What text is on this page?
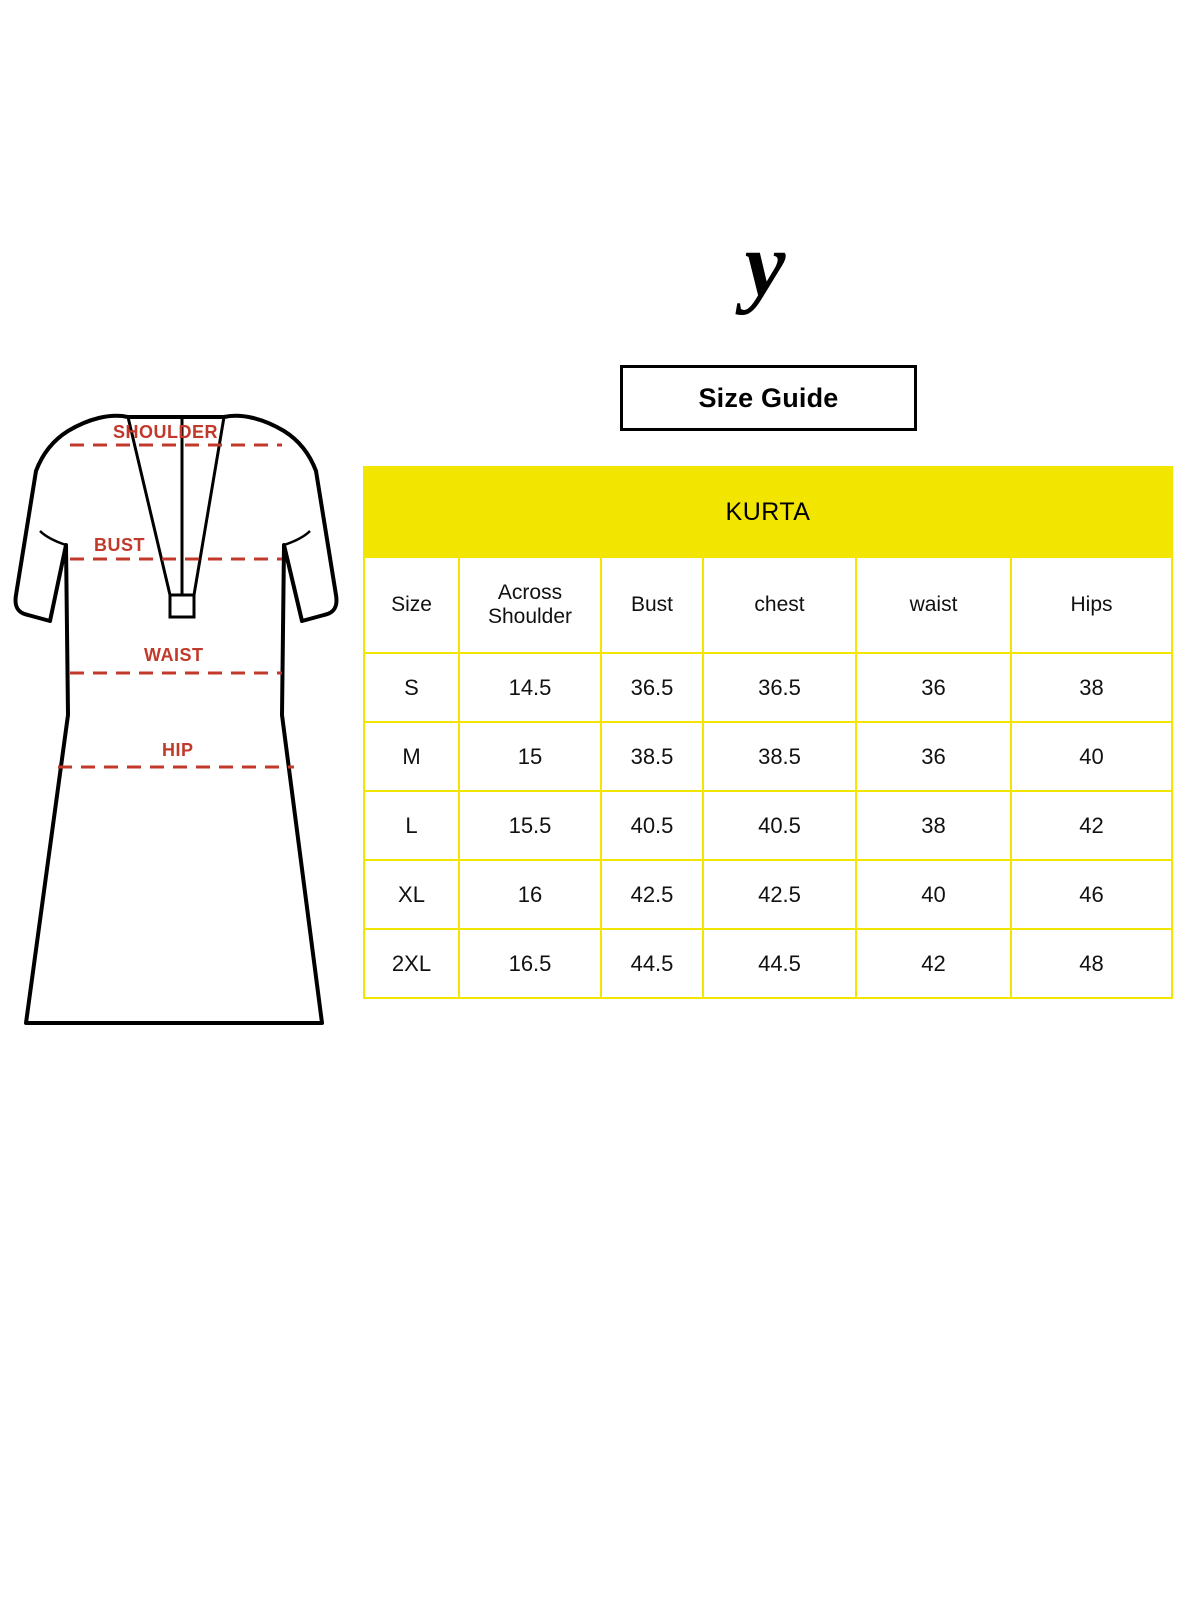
y
Size Guide
SHOULDER
BUST
WAIST
HIP
KURTA					
Size	Across Shoulder	Bust	chest	waist	Hips
S	14.5	36.5	36.5	36	38
M	15	38.5	38.5	36	40
L	15.5	40.5	40.5	38	42
XL	16	42.5	42.5	40	46
2XL	16.5	44.5	44.5	42	48
